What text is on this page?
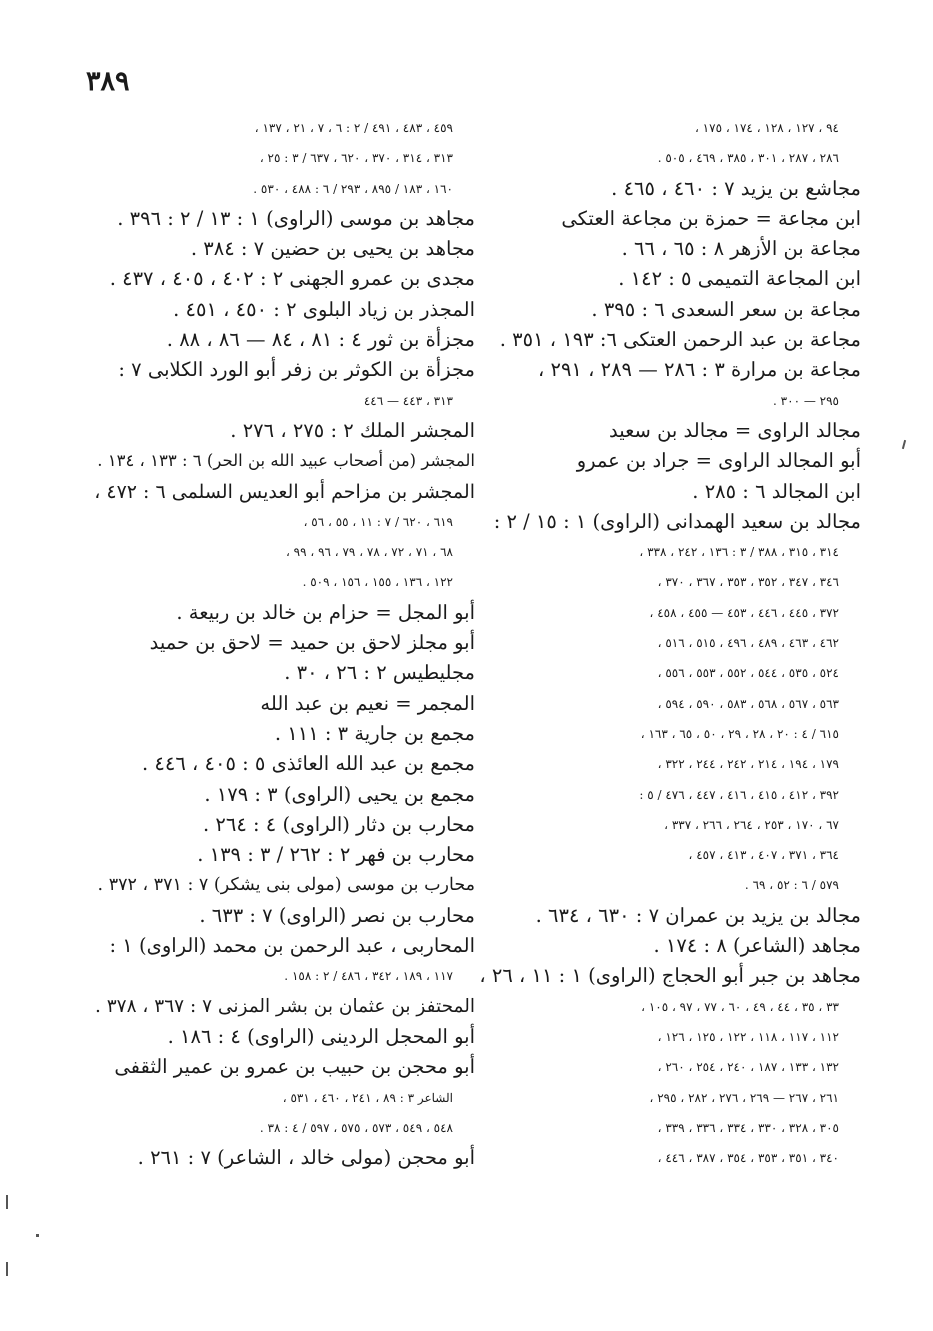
٣٨٩
٩٤ ، ١٢٧ ، ١٢٨ ، ١٧٤ ، ١٧٥ ،
٢٨٦ ، ٢٨٧ ، ٣٠١ ، ٣٨٥ ، ٤٦٩ ، ٥٠٥ .
مجاشع بن يزيد ٧ : ٤٦٠ ، ٤٦٥ .
ابن مجاعة = حمزة بن مجاعة العتكى
مجاعة بن الأزهر ٨ : ٦٥ ، ٦٦ .
ابن المجاعة التميمى ٥ : ١٤٢ .
مجاعة بن سعر السعدى ٦ : ٣٩٥ .
مجاعة بن عبد الرحمن العتكى ٦: ١٩٣ ، ٣٥١ .
مجاعة بن مرارة ٣ : ٢٨٦ — ٢٨٩ ، ٢٩١ ،
٢٩٥ — ٣٠٠ .
مجالد الراوى = مجالد بن سعيد
أبو المجالد الراوى = جراد بن عمرو
ابن المجالد ٦ : ٢٨٥ .
مجالد بن سعيد الهمدانى (الراوى) ١ : ١٥ / ٢ :
٣١٤ ، ٣١٥ ، ٣٨٨ / ٣ : ١٣٦ ، ٢٤٢ ، ٣٣٨ ،
٣٤٦ ، ٣٤٧ ، ٣٥٢ ، ٣٥٣ ، ٣٦٧ ، ٣٧٠ ،
٣٧٢ ، ٤٤٥ ، ٤٤٦ ، ٤٥٣ — ٤٥٥ ، ٤٥٨ ،
٤٦٢ ، ٤٦٣ ، ٤٨٩ ، ٤٩٦ ، ٥١٥ ، ٥١٦ ،
٥٢٤ ، ٥٣٥ ، ٥٤٤ ، ٥٥٢ ، ٥٥٣ ، ٥٥٦ ،
٥٦٣ ، ٥٦٧ ، ٥٦٨ ، ٥٨٣ ، ٥٩٠ ، ٥٩٤ ،
٦١٥ / ٤ : ٢٠ ، ٢٨ ، ٢٩ ، ٥٠ ، ٦٥ ، ١٦٣ ،
١٧٩ ، ١٩٤ ، ٢١٤ ، ٢٤٢ ، ٢٤٤ ، ٣٢٢ ،
٣٩٢ ، ٤١٢ ، ٤١٥ ، ٤١٦ ، ٤٤٧ ، ٤٧٦ / ٥ :
٦٧ ، ١٧٠ ، ٢٥٣ ، ٢٦٤ ، ٢٦٦ ، ٣٣٧ ،
٣٦٤ ، ٣٧١ ، ٤٠٧ ، ٤١٣ ، ٤٥٧ ،
٥٧٩ / ٦ : ٥٢ ، ٦٩ .
مجالد بن يزيد بن عمران ٧ : ٦٣٠ ، ٦٣٤ .
مجاهد (الشاعر) ٨ : ١٧٤ .
مجاهد بن جبر أبو الحجاج (الراوى) ١ : ١١ ، ٢٦ ،
٣٣ ، ٣٥ ، ٤٤ ، ٤٩ ، ٦٠ ، ٧٧ ، ٩٧ ، ١٠٥ ،
١١٢ ، ١١٧ ، ١١٨ ، ١٢٢ ، ١٢٥ ، ١٢٦ ،
١٣٢ ، ١٣٣ ، ١٨٧ ، ٢٤٠ ، ٢٥٤ ، ٢٦٠ ،
٢٦١ ، ٢٦٧ — ٢٦٩ ، ٢٧٦ ، ٢٨٢ ، ٢٩٥ ،
٣٠٥ ، ٣٢٨ ، ٣٣٠ ، ٣٣٤ ، ٣٣٦ ، ٣٣٩ ،
٣٤٠ ، ٣٥١ ، ٣٥٣ ، ٣٥٤ ، ٣٨٧ ، ٤٤٦ ،
٤٥٩ ، ٤٨٣ ، ٤٩١ / ٢ : ٦ ، ٧ ، ٢١ ، ١٣٧ ،
٣١٣ ، ٣١٤ ، ٣٧٠ ، ٦٢٠ ، ٦٣٧ / ٣ : ٢٥ ،
١٦٠ ، ١٨٣ / ٨٩٥ ، ٢٩٣ / ٦ : ٤٨٨ ، ٥٣٠ .
مجاهد بن موسى (الراوى) ١ : ١٣ / ٢ : ٣٩٦ .
مجاهد بن يحيى بن حضين ٧ : ٣٨٤ .
مجدى بن عمرو الجهنى ٢ : ٤٠٢ ، ٤٠٥ ، ٤٣٧ .
المجذر بن زياد البلوى ٢ : ٤٥٠ ، ٤٥١ .
مجزأة بن ثور ٤ : ٨١ ، ٨٤ — ٨٦ ، ٨٨ .
مجزأة بن الكوثر بن زفر أبو الورد الكلابى ٧ :
٣١٣ ، ٤٤٣ — ٤٤٦
المجشر الملك ٢ : ٢٧٥ ، ٢٧٦ .
المجشر (من أصحاب عبيد الله بن الحر) ٦ : ١٣٣ ، ١٣٤ .
المجشر بن مزاحم أبو العديس السلمى ٦ : ٤٧٢ ،
٦١٩ ، ٦٢٠ / ٧ : ١١ ، ٥٥ ، ٥٦ ،
٦٨ ، ٧١ ، ٧٢ ، ٧٨ ، ٧٩ ، ٩٦ ، ٩٩ ،
١٢٢ ، ١٣٦ ، ١٥٥ ، ١٥٦ ، ٥٠٩ .
أبو المجل = حزام بن خالد بن ربيعة .
أبو مجلز لاحق بن حميد = لاحق بن حميد
مجليطيس ٢ : ٢٦ ، ٣٠ .
المجمر = نعيم بن عبد الله
مجمع بن جارية ٣ : ١١١ .
مجمع بن عبد الله العائذى ٥ : ٤٠٥ ، ٤٤٦ .
مجمع بن يحيى (الراوى) ٣ : ١٧٩ .
محارب بن دثار (الراوى) ٤ : ٢٦٤ .
محارب بن فهر ٢ : ٢٦٢ / ٣ : ١٣٩ .
محارب بن موسى (مولى بنى يشكر) ٧ : ٣٧١ ، ٣٧٢ .
محارب بن نصر (الراوى) ٧ : ٦٣٣ .
المحاربى ، عبد الرحمن بن محمد (الراوى) ١ :
١١٧ ، ١٨٩ ، ٣٤٢ ، ٤٨٦ / ٢ : ١٥٨ .
المحتفز بن عثمان بن بشر المزنى ٧ : ٣٦٧ ، ٣٧٨ .
أبو المحجل الردينى (الراوى) ٤ : ١٨٦ .
أبو محجن بن حبيب بن عمرو بن عمير الثقفى
الشاعر ٣ : ٨٩ ، ٢٤١ ، ٤٦٠ ، ٥٣١ ،
٥٤٨ ، ٥٤٩ ، ٥٧٣ ، ٥٧٥ ، ٥٩٧ / ٤ : ٣٨ .
أبو محجن (مولى خالد ، الشاعر) ٧ : ٢٦١ .
